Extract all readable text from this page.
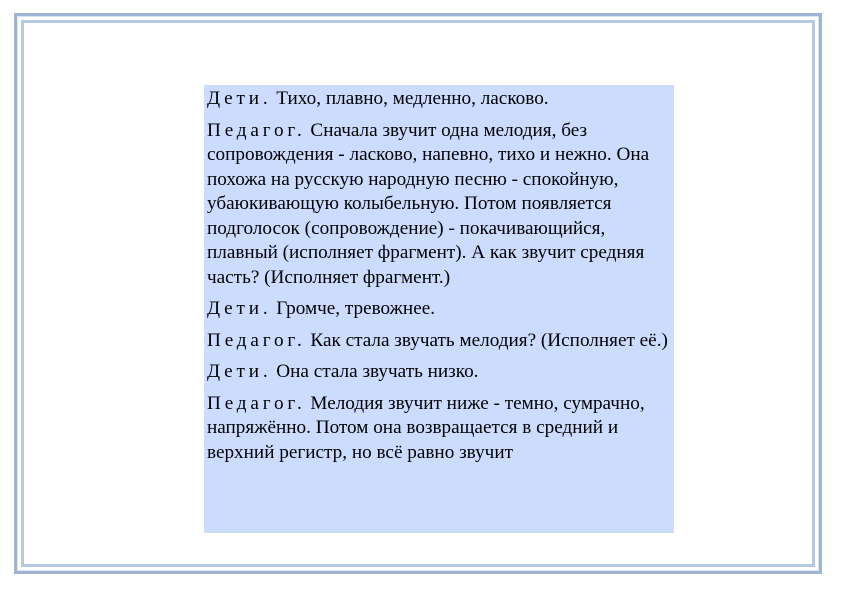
Дети. Тихо, плавно, медленно, ласково.

Педагог. Сначала звучит одна мелодия, без сопровождения - ласково, напевно, тихо и нежно. Она похожа на русскую народную песню - спокойную, убаюкивающую колыбельную. Потом появляется подголосок (сопровождение) - покачивающийся, плавный (исполняет фрагмент). А как звучит средняя часть? (Исполняет фрагмент.)

Дети. Громче, тревожнее.

Педагог. Как стала звучать мелодия? (Исполняет её.)

Дети. Она стала звучать низко.

Педагог. Мелодия звучит ниже - темно, сумрачно, напряжённо. Потом она возвращается в средний и верхний регистр, но всё равно звучит
